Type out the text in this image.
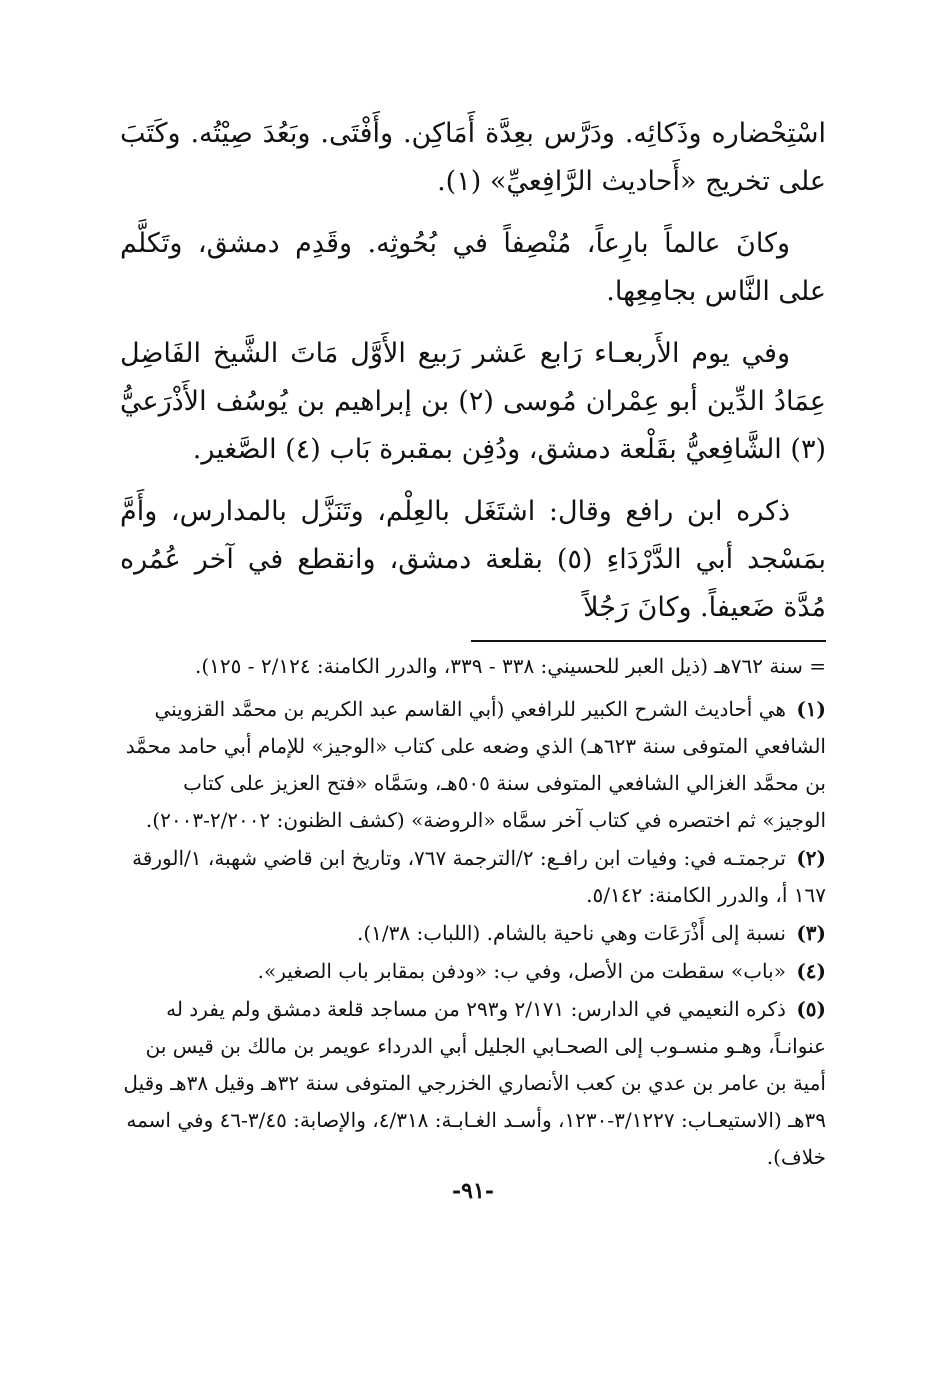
اسْتِحْضاره وذَكائِه. ودَرَّس بعِدَّة أَمَاكِن. وأَفْتَى. وبَعُدَ صِيْتُه. وكَتَبَ على تخريج «أَحاديث الرَّافِعيِّ» (١).

وكانَ عالماً بارِعاً، مُنْصِفاً في بُحُوثِه. وقَدِم دمشق، وتَكلَّم على النَّاس بجامِعِها.

وفي يوم الأَربعـاء رَابع عَشر رَبيع الأَوَّل مَاتَ الشَّيخ الفَاضِل عِمَادُ الدِّين أبو عِمْران مُوسى (٢) بن إبراهيم بن يُوسُف الأَذْرَعيُّ (٣) الشَّافِعيُّ بقَلْعة دمشق، ودُفِن بمقبرة بَاب (٤) الصَّغير.

ذكره ابن رافع وقال: اشتَغَل بالعِلْم، وتَنَزَّل بالمدارس، وأَمَّ بمَسْجد أبي الدَّرْدَاءِ (٥) بقلعة دمشق، وانقطع في آخر عُمُره مُدَّة ضَعيفاً. وكانَ رَجُلاً

= سنة ٧٦٢هـ (ذيل العبر للحسيني: ٣٣٨ - ٣٣٩، والدرر الكامنة: ٢/١٢٤ - ١٢٥).

(١) هي أحاديث الشرح الكبير للرافعي (أبي القاسم عبد الكريم بن محمَّد القزويني الشافعي المتوفى سنة ٦٢٣هـ) الذي وضعه على كتاب «الوجيز» للإمام أبي حامد محمَّد بن محمَّد الغزالي الشافعي المتوفى سنة ٥٠٥هـ، وسَمَّاه «فتح العزيز على كتاب الوجيز» ثم اختصره في كتاب آخر سمَّاه «الروضة» (كشف الظنون: ٢/٢٠٠٢-٢٠٠٣).

(٢) ترجمتـه في: وفيات ابن رافـع: ٢/الترجمة ٧٦٧، وتاريخ ابن قاضي شهبة، ١/الورقة ١٦٧ أ، والدرر الكامنة: ٥/١٤٢.

(٣) نسبة إلى أَذْرَعَات وهي ناحية بالشام. (اللباب: ١/٣٨).

(٤) «باب» سقطت من الأصل، وفي ب: «ودفن بمقابر باب الصغير».

(٥) ذكره النعيمي في الدارس: ٢/١٧١ و٢٩٣ من مساجد قلعة دمشق ولم يفرد له عنوانـاً، وهـو منسـوب إلى الصحـابي الجليل أبي الدرداء عويمر بن مالك بن قيس بن أمية بن عامر بن عدي بن كعب الأنصاري الخزرجي المتوفى سنة ٣٢هـ وقيل ٣٨هـ وقيل ٣٩هـ (الاستيعـاب: ٣/١٢٢٧-١٢٣٠، وأسـد الغـابـة: ٤/٣١٨، والإصابة: ٣/٤٥-٤٦ وفي اسمه خلاف).

-٩١-
